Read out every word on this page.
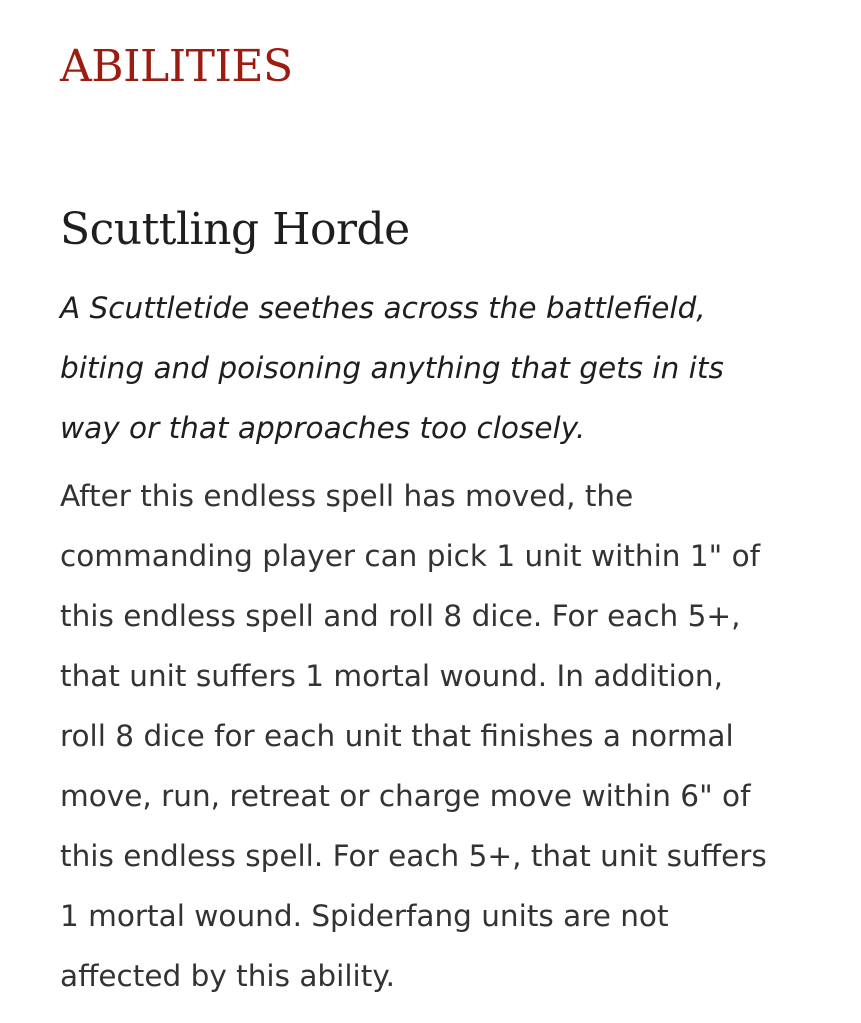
ABILITIES
Scuttling Horde

A Scuttletide seethes across the battlefield,
biting and poisoning anything that gets in its
way or that approaches too closely.

After this endless spell has moved, the
commanding player can pick 1 unit within 1" of
this endless spell and roll 8 dice. For each 5+,
that unit suffers 1 mortal wound. In addition,
roll 8 dice for each unit that finishes a normal
move, run, retreat or charge move within 6" of
this endless spell. For each 5+, that unit suffers
1 mortal wound. Spiderfang units are not
affected by this ability.
